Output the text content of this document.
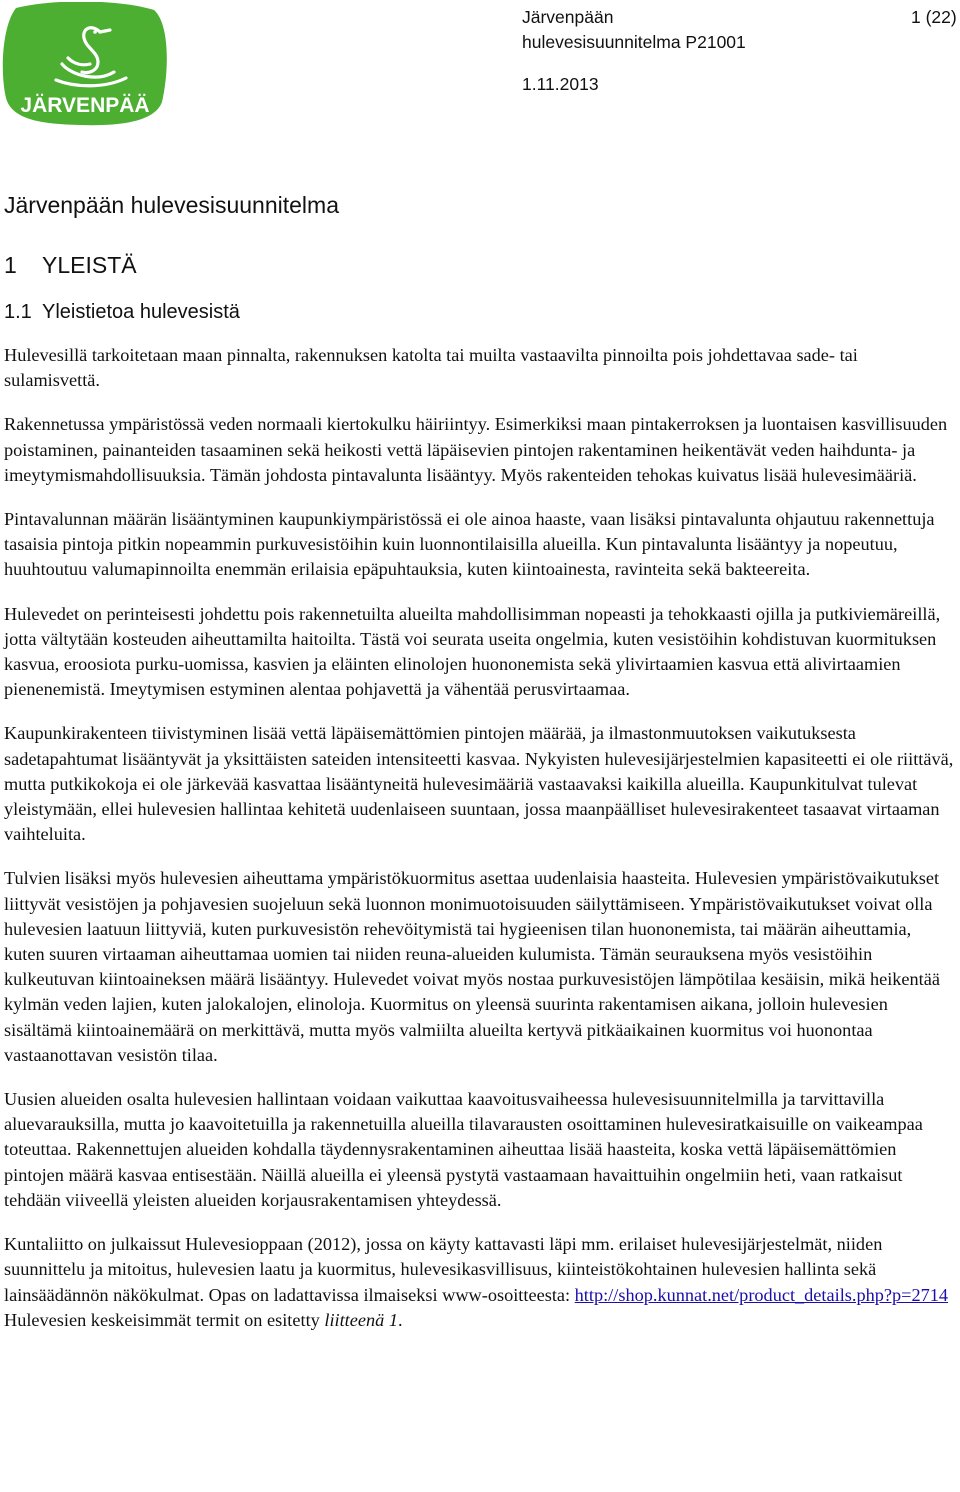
JÄRVENPÄÄ
Järvenpään
hulevesisuunnitelma P21001
1.11.2013
1 (22)
Järvenpään hulevesisuunnitelma
1 YLEISTÄ
1.1 Yleistietoa hulevesistä

Hulevesillä tarkoitetaan maan pinnalta, rakennuksen katolta tai muilta vastaavilta pinnoilta pois johdettavaa sade- tai sulamisvettä.

Rakennetussa ympäristössä veden normaali kiertokulku häiriintyy. Esimerkiksi maan pintakerroksen ja luontaisen kasvillisuuden poistaminen, painanteiden tasaaminen sekä heikosti vettä läpäisevien pintojen rakentaminen heikentävät veden haihdunta- ja imeytymismahdollisuuksia. Tämän johdosta pintavalunta lisääntyy. Myös rakenteiden tehokas kuivatus lisää hulevesimääriä.

Pintavalunnan määrän lisääntyminen kaupunkiympäristössä ei ole ainoa haaste, vaan lisäksi pintavalunta ohjautuu rakennettuja tasaisia pintoja pitkin nopeammin purkuvesistöihin kuin luonnontilaisilla alueilla. Kun pintavalunta lisääntyy ja nopeutuu, huuhtoutuu valumapinnoilta enemmän erilaisia epäpuhtauksia, kuten kiintoainesta, ravinteita sekä bakteereita.

Hulevedet on perinteisesti johdettu pois rakennetuilta alueilta mahdollisimman nopeasti ja tehokkaasti ojilla ja putkiviemäreillä, jotta vältytään kosteuden aiheuttamilta haitoilta. Tästä voi seurata useita ongelmia, kuten vesistöihin kohdistuvan kuormituksen kasvua, eroosiota purku-uomissa, kasvien ja eläinten elinolojen huononemista sekä ylivirtaamien kasvua että alivirtaamien pienenemistä. Imeytymisen estyminen alentaa pohjavettä ja vähentää perusvirtaamaa.

Kaupunkirakenteen tiivistyminen lisää vettä läpäisemättömien pintojen määrää, ja ilmastonmuutoksen vaikutuksesta sadetapahtumat lisääntyvät ja yksittäisten sateiden intensiteetti kasvaa. Nykyisten hulevesijärjestelmien kapasiteetti ei ole riittävä, mutta putkikokoja ei ole järkevää kasvattaa lisääntyneitä hulevesimääriä vastaavaksi kaikilla alueilla. Kaupunkitulvat tulevat yleistymään, ellei hulevesien hallintaa kehitetä uudenlaiseen suuntaan, jossa maanpäälliset hulevesirakenteet tasaavat virtaaman vaihteluita.

Tulvien lisäksi myös hulevesien aiheuttama ympäristökuormitus asettaa uudenlaisia haasteita. Hulevesien ympäristövaikutukset liittyvät vesistöjen ja pohjavesien suojeluun sekä luonnon monimuotoisuuden säilyttämiseen. Ympäristövaikutukset voivat olla hulevesien laatuun liittyviä, kuten purkuvesistön rehevöitymistä tai hygieenisen tilan huononemista, tai määrän aiheuttamia, kuten suuren virtaaman aiheuttamaa uomien tai niiden reuna-alueiden kulumista. Tämän seurauksena myös vesistöihin kulkeutuvan kiintoaineksen määrä lisääntyy. Hulevedet voivat myös nostaa purkuvesistöjen lämpötilaa kesäisin, mikä heikentää kylmän veden lajien, kuten jalokalojen, elinoloja. Kuormitus on yleensä suurinta rakentamisen aikana, jolloin hulevesien sisältämä kiintoainemäärä on merkittävä, mutta myös valmiilta alueilta kertyvä pitkäaikainen kuormitus voi huonontaa vastaanottavan vesistön tilaa.

Uusien alueiden osalta hulevesien hallintaan voidaan vaikuttaa kaavoitusvaiheessa hulevesisuunnitelmilla ja tarvittavilla aluevarauksilla, mutta jo kaavoitetuilla ja rakennetuilla alueilla tilavarausten osoittaminen hulevesiratkaisuille on vaikeampaa toteuttaa. Rakennettujen alueiden kohdalla täydennysrakentaminen aiheuttaa lisää haasteita, koska vettä läpäisemättömien pintojen määrä kasvaa entisestään. Näillä alueilla ei yleensä pystytä vastaamaan havaittuihin ongelmiin heti, vaan ratkaisut tehdään viiveellä yleisten alueiden korjausrakentamisen yhteydessä.

Kuntaliitto on julkaissut Hulevesioppaan (2012), jossa on käyty kattavasti läpi mm. erilaiset hulevesijärjestelmät, niiden suunnittelu ja mitoitus, hulevesien laatu ja kuormitus, hulevesikasvillisuus, kiinteistökohtainen hulevesien hallinta sekä lainsäädännön näkökulmat. Opas on ladattavissa ilmaiseksi www-osoitteesta: http://shop.kunnat.net/product_details.php?p=2714

Hulevesien keskeisimmät termit on esitetty liitteenä 1.
